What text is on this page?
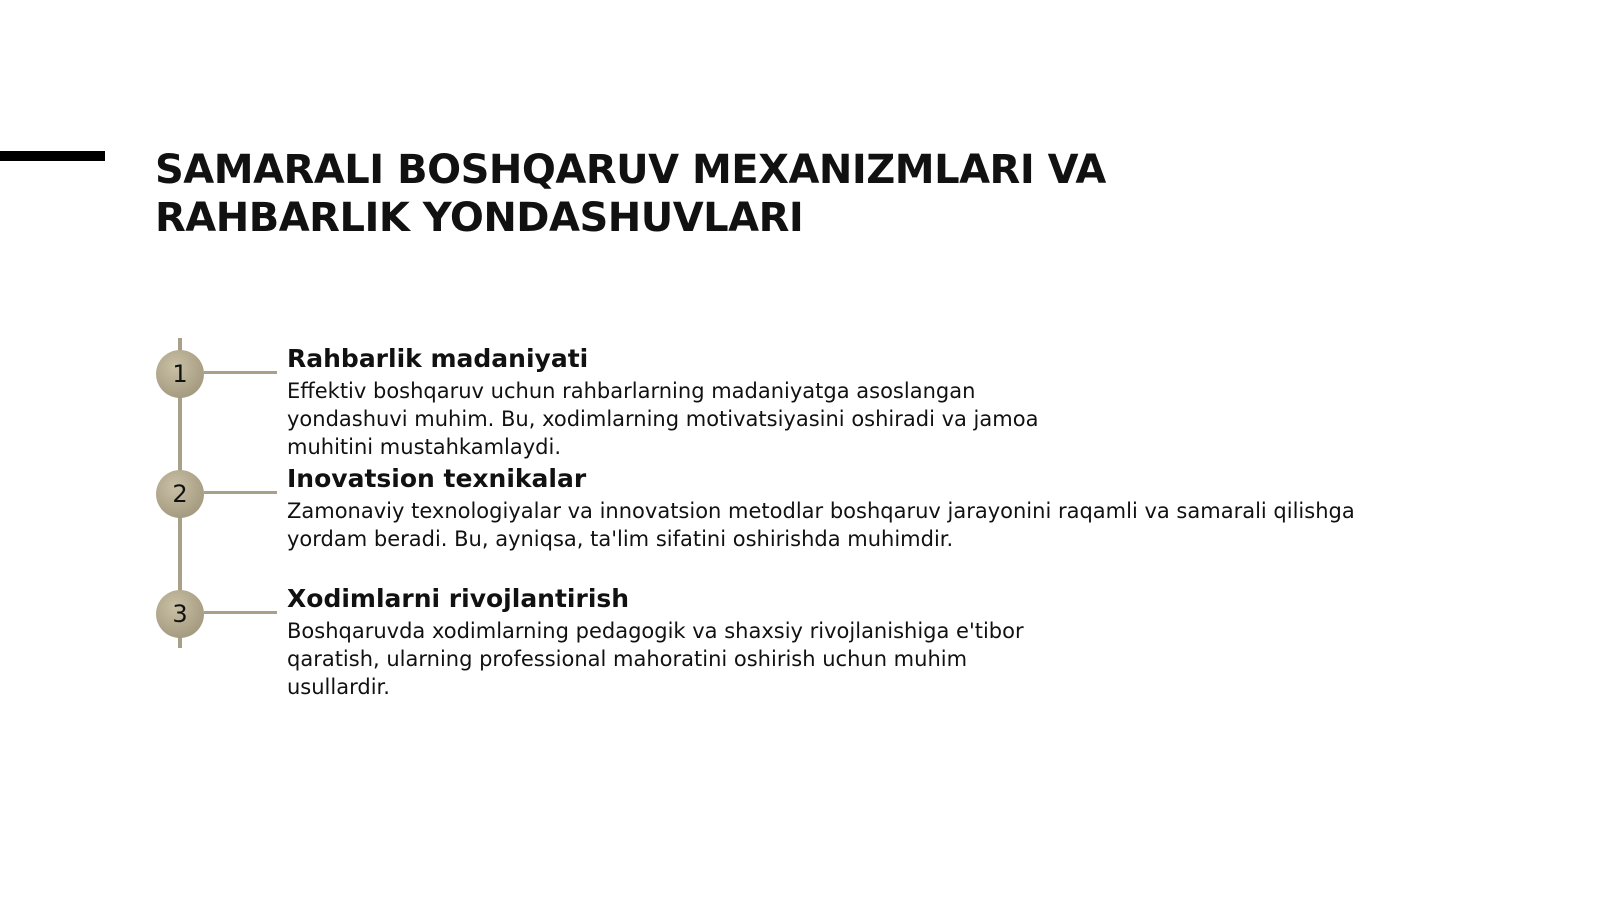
SAMARALI BOSHQARUV MEXANIZMLARI VA
RAHBARLIK YONDASHUVLARI
1

Rahbarlik madaniyati

Effektiv boshqaruv uchun rahbarlarning madaniyatga asoslangan
yondashuvi muhim. Bu, xodimlarning motivatsiyasini oshiradi va jamoa
muhitini mustahkamlaydi.

2

Inovatsion texnikalar

Zamonaviy texnologiyalar va innovatsion metodlar boshqaruv jarayonini raqamli va samarali qilishga
yordam beradi. Bu, ayniqsa, ta'lim sifatini oshirishda muhimdir.

3

Xodimlarni rivojlantirish

Boshqaruvda xodimlarning pedagogik va shaxsiy rivojlanishiga e'tibor
qaratish, ularning professional mahoratini oshirish uchun muhim
usullardir.
